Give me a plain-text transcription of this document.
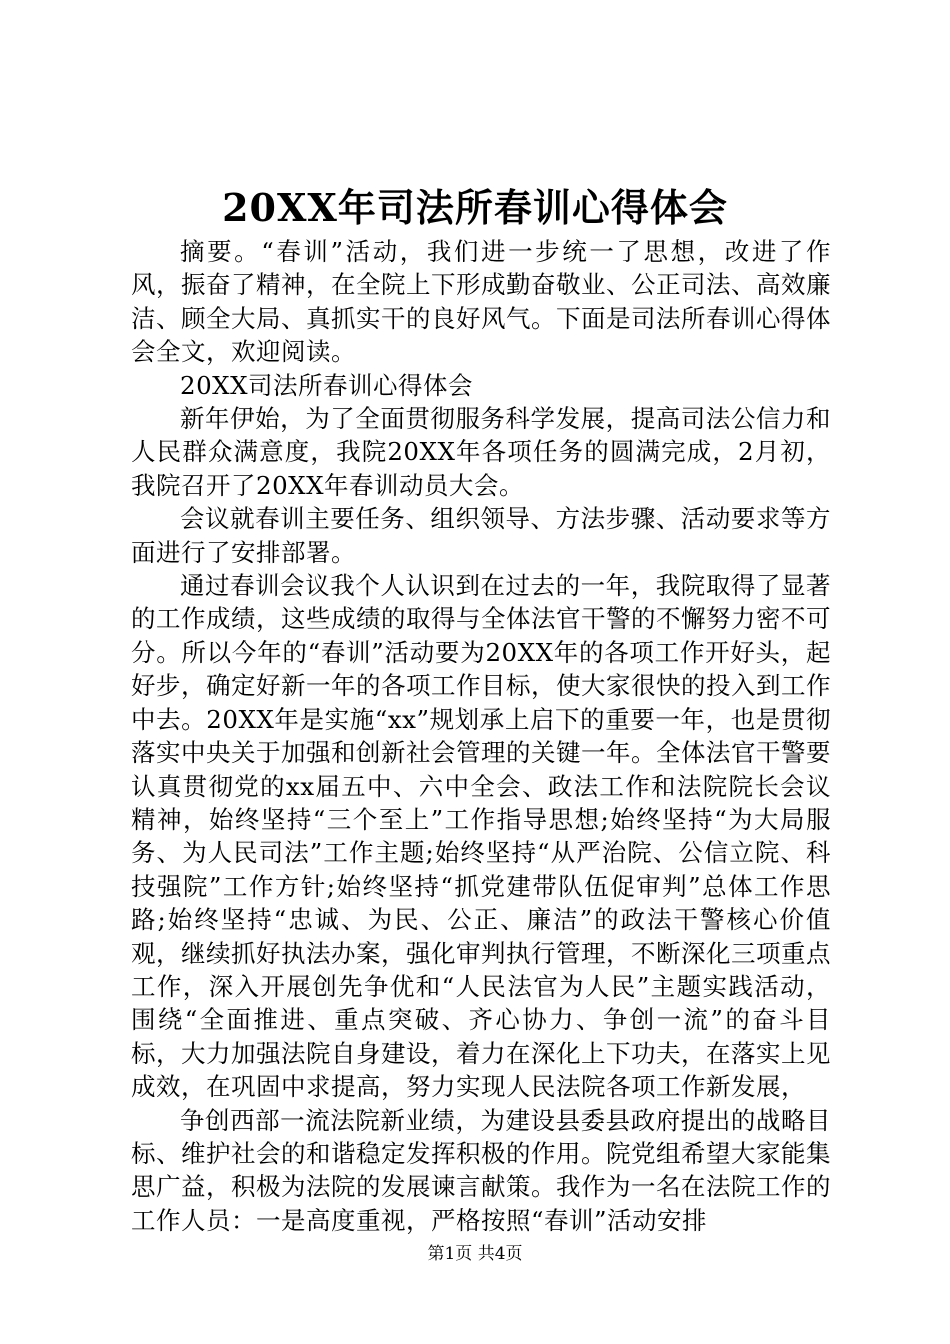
20XX年司法所春训心得体会

摘要。“春训”活动，我们进一步统一了思想，改进了作风，振奋了精神，在全院上下形成勤奋敬业、公正司法、高效廉洁、顾全大局、真抓实干的良好风气。下面是司法所春训心得体会全文，欢迎阅读。

20XX司法所春训心得体会

新年伊始，为了全面贯彻服务科学发展，提高司法公信力和人民群众满意度，我院20XX年各项任务的圆满完成，2月初，我院召开了20XX年春训动员大会。

会议就春训主要任务、组织领导、方法步骤、活动要求等方面进行了安排部署。

通过春训会议我个人认识到在过去的一年，我院取得了显著的工作成绩，这些成绩的取得与全体法官干警的不懈努力密不可分。所以今年的“春训”活动要为20XX年的各项工作开好头，起好步，确定好新一年的各项工作目标，使大家很快的投入到工作中去。20XX年是实施“xx”规划承上启下的重要一年，也是贯彻落实中央关于加强和创新社会管理的关键一年。全体法官干警要认真贯彻党的xx届五中、六中全会、政法工作和法院院长会议精神，始终坚持“三个至上”工作指导思想;始终坚持“为大局服务、为人民司法”工作主题;始终坚持“从严治院、公信立院、科技强院”工作方针;始终坚持“抓党建带队伍促审判”总体工作思路;始终坚持“忠诚、为民、公正、廉洁”的政法干警核心价值观，继续抓好执法办案，强化审判执行管理，不断深化三项重点工作，深入开展创先争优和“人民法官为人民”主题实践活动，围绕“全面推进、重点突破、齐心协力、争创一流”的奋斗目标，大力加强法院自身建设，着力在深化上下功夫，在落实上见成效，在巩固中求提高，努力实现人民法院各项工作新发展，

争创西部一流法院新业绩，为建设县委县政府提出的战略目标、维护社会的和谐稳定发挥积极的作用。院党组希望大家能集思广益，积极为法院的发展谏言献策。我作为一名在法院工作的工作人员：一是高度重视，严格按照“春训”活动安排

第1页 共4页
